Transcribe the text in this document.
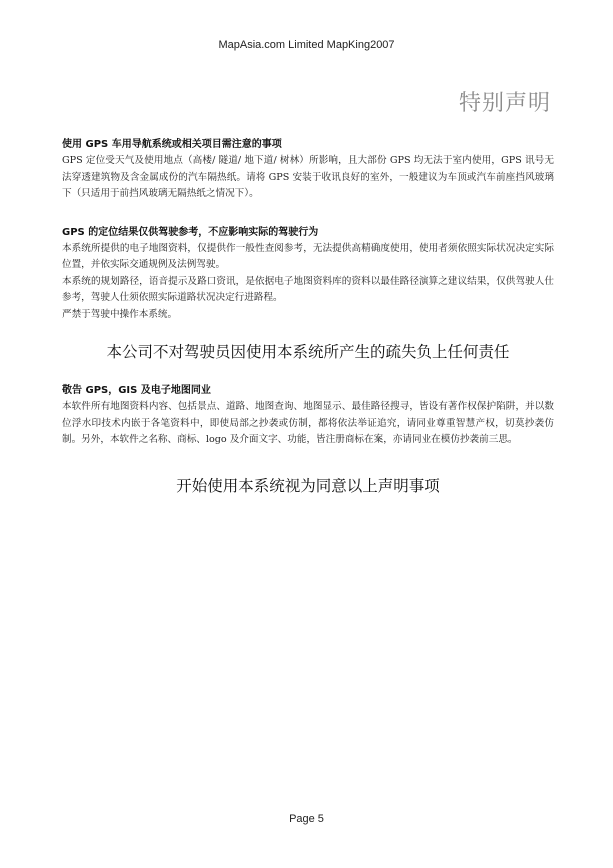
MapAsia.com Limited MapKing2007
特别声明

使用 GPS 车用导航系统或相关项目需注意的事项

GPS 定位受天气及使用地点（高楼/ 隧道/ 地下道/ 树林）所影响，且大部份 GPS 均无法于室内使用，GPS 讯号无法穿透建筑物及含金属成份的汽车隔热纸。请将 GPS 安装于收讯良好的室外，一般建议为车顶或汽车前座挡风玻璃下（只适用于前挡风玻璃无隔热纸之情况下）。

GPS 的定位结果仅供驾驶参考，不应影响实际的驾驶行为

本系统所提供的电子地图资料，仅提供作一般性查阅参考，无法提供高精确度使用，使用者须依照实际状况决定实际位置，并依实际交通规例及法例驾驶。

本系统的规划路径，语音提示及路口资讯，是依据电子地图资料库的资料以最佳路径演算之建议结果，仅供驾驶人仕参考，驾驶人仕须依照实际道路状况决定行进路程。

严禁于驾驶中操作本系统。

本公司不对驾驶员因使用本系统所产生的疏失负上任何责任

敬告 GPS，GIS 及电子地图同业

本软件所有地图资料内容、包括景点、道路、地图查询、地图显示、最佳路径搜寻，皆设有著作权保护陷阱，并以数位浮水印技术内嵌于各笔资料中，即使局部之抄袭或仿制，都将依法举证追究，请同业尊重智慧产权，切莫抄袭仿制。另外，本软件之名称、商标、logo 及介面文字、功能，皆注册商标在案，亦请同业在模仿抄袭前三思。

开始使用本系统视为同意以上声明事项

Page 5
